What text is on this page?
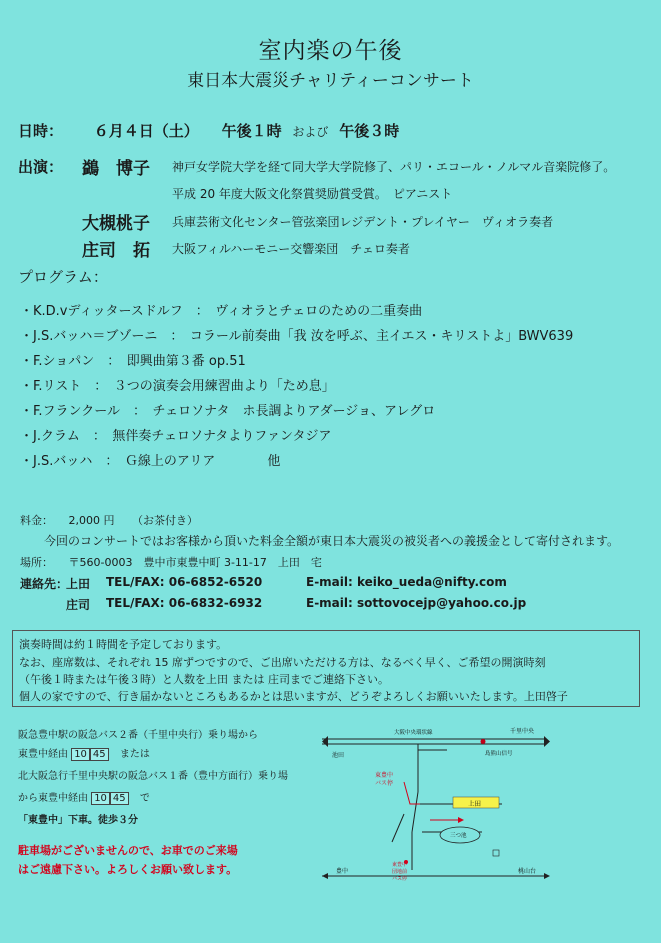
室内楽の午後
東日本大震災チャリティーコンサート
日時： ６月４日（土） 午後１時 および 午後３時
出演： 鷁　博子 神戸女学院大学を経て同大学大学院修了、パリ・エコール・ノルマル音楽院修了。
平成 20 年度大阪文化祭賞奨励賞受賞。　ピアニスト
大槻桃子 兵庫芸術文化センター管弦楽団レジデント・プレイヤー　ヴィオラ奏者
庄司　拓 大阪フィルハーモニー交響楽団　チェロ奏者
プログラム：
・K.D.vディッタースドルフ　：　ヴィオラとチェロのための二重奏曲
・J.S.バッハ＝ブゾーニ　：　コラール前奏曲「我 汝を呼ぶ、主イエス・キリストよ」BWV639
・F.ショパン　：　即興曲第３番 op.51
・F.リスト　：　３つの演奏会用練習曲より「ため息」
・F.フランクール　：　チェロソナタ　ホ長調よりアダージョ、アレグロ
・J.クラム　：　無伴奏チェロソナタよりファンタジア
・J.S.バッハ　：　Ｇ線上のアリア　　　　他
料金： 2,000 円 （お茶付き）
今回のコンサートではお客様から頂いた料金全額が東日本大震災の被災者への義援金として寄付されます。
場所： 〒560-0003　豊中市東豊中町 3-11-17　上田　宅
連絡先：
上田 TEL/FAX: 06-6852-6520	E-mail: keiko_ueda@nifty.com
庄司 TEL/FAX: 06-6832-6932	E-mail: sottovocejp@yahoo.co.jp
演奏時間は約１時間を予定しております。
なお、座席数は、それぞれ 15 席ずつですので、ご出席いただける方は、なるべく早く、ご希望の開演時刻
（午後１時または午後３時）と人数を上田 または 庄司までご連絡下さい。
個人の家ですので、行き届かないところもあるかとは思いますが、どうぞよろしくお願いいたします。上田啓子
阪急豊中駅の阪急バス２番（千里中央行）乗り場から
東豊中経由 10 45 または
北大阪急行千里中央駅の阪急バス１番（豊中方面行）乗り場
から東豊中経由 10 45 で
「東豊中」下車。徒歩３分
駐車場がございませんので、お車でのご来場
はご遠慮下さい。よろしくお願い致します。
大阪中央環状線	千里中央
池田	島熊山信号
東豊中
バス停
上田
三つ池
豊中	桃山台
東豊中
団地前
バス停
